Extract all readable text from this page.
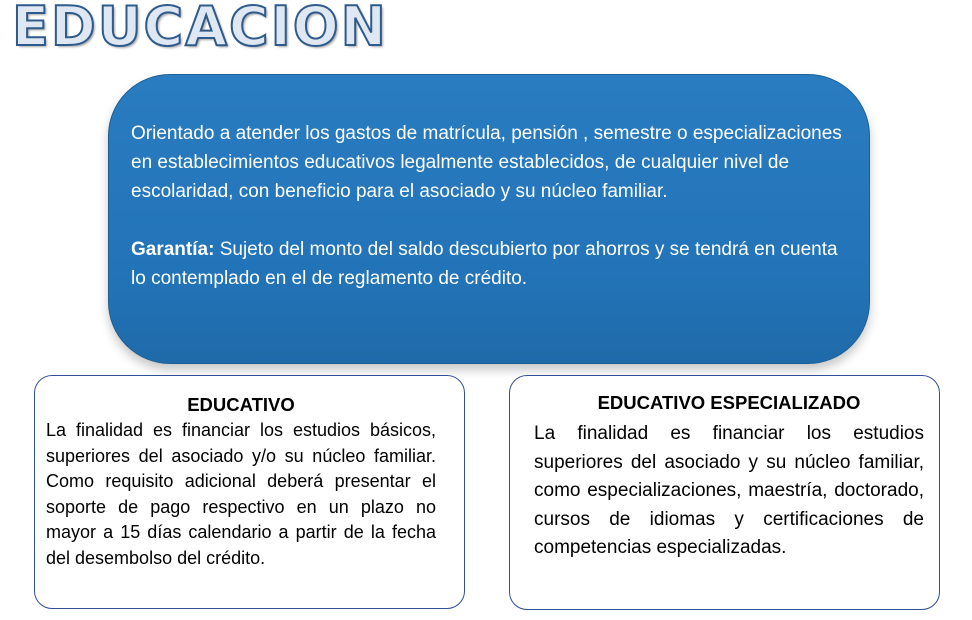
EDUCACION

Orientado a atender los gastos de matrícula, pensión , semestre o especializaciones en establecimientos educativos legalmente establecidos, de cualquier nivel de escolaridad, con beneficio para el asociado y su núcleo familiar.

Garantía: Sujeto del monto del saldo descubierto por ahorros y se tendrá en cuenta lo contemplado en el de reglamento de crédito.

EDUCATIVO

La finalidad es financiar los estudios básicos, superiores del asociado y/o su núcleo familiar. Como requisito adicional deberá presentar el soporte de pago respectivo en un plazo no mayor a 15 días calendario a partir de la fecha del desembolso del crédito.

EDUCATIVO ESPECIALIZADO

La finalidad es financiar los estudios superiores del asociado y su núcleo familiar, como especializaciones, maestría, doctorado, cursos de idiomas y certificaciones de competencias especializadas.
